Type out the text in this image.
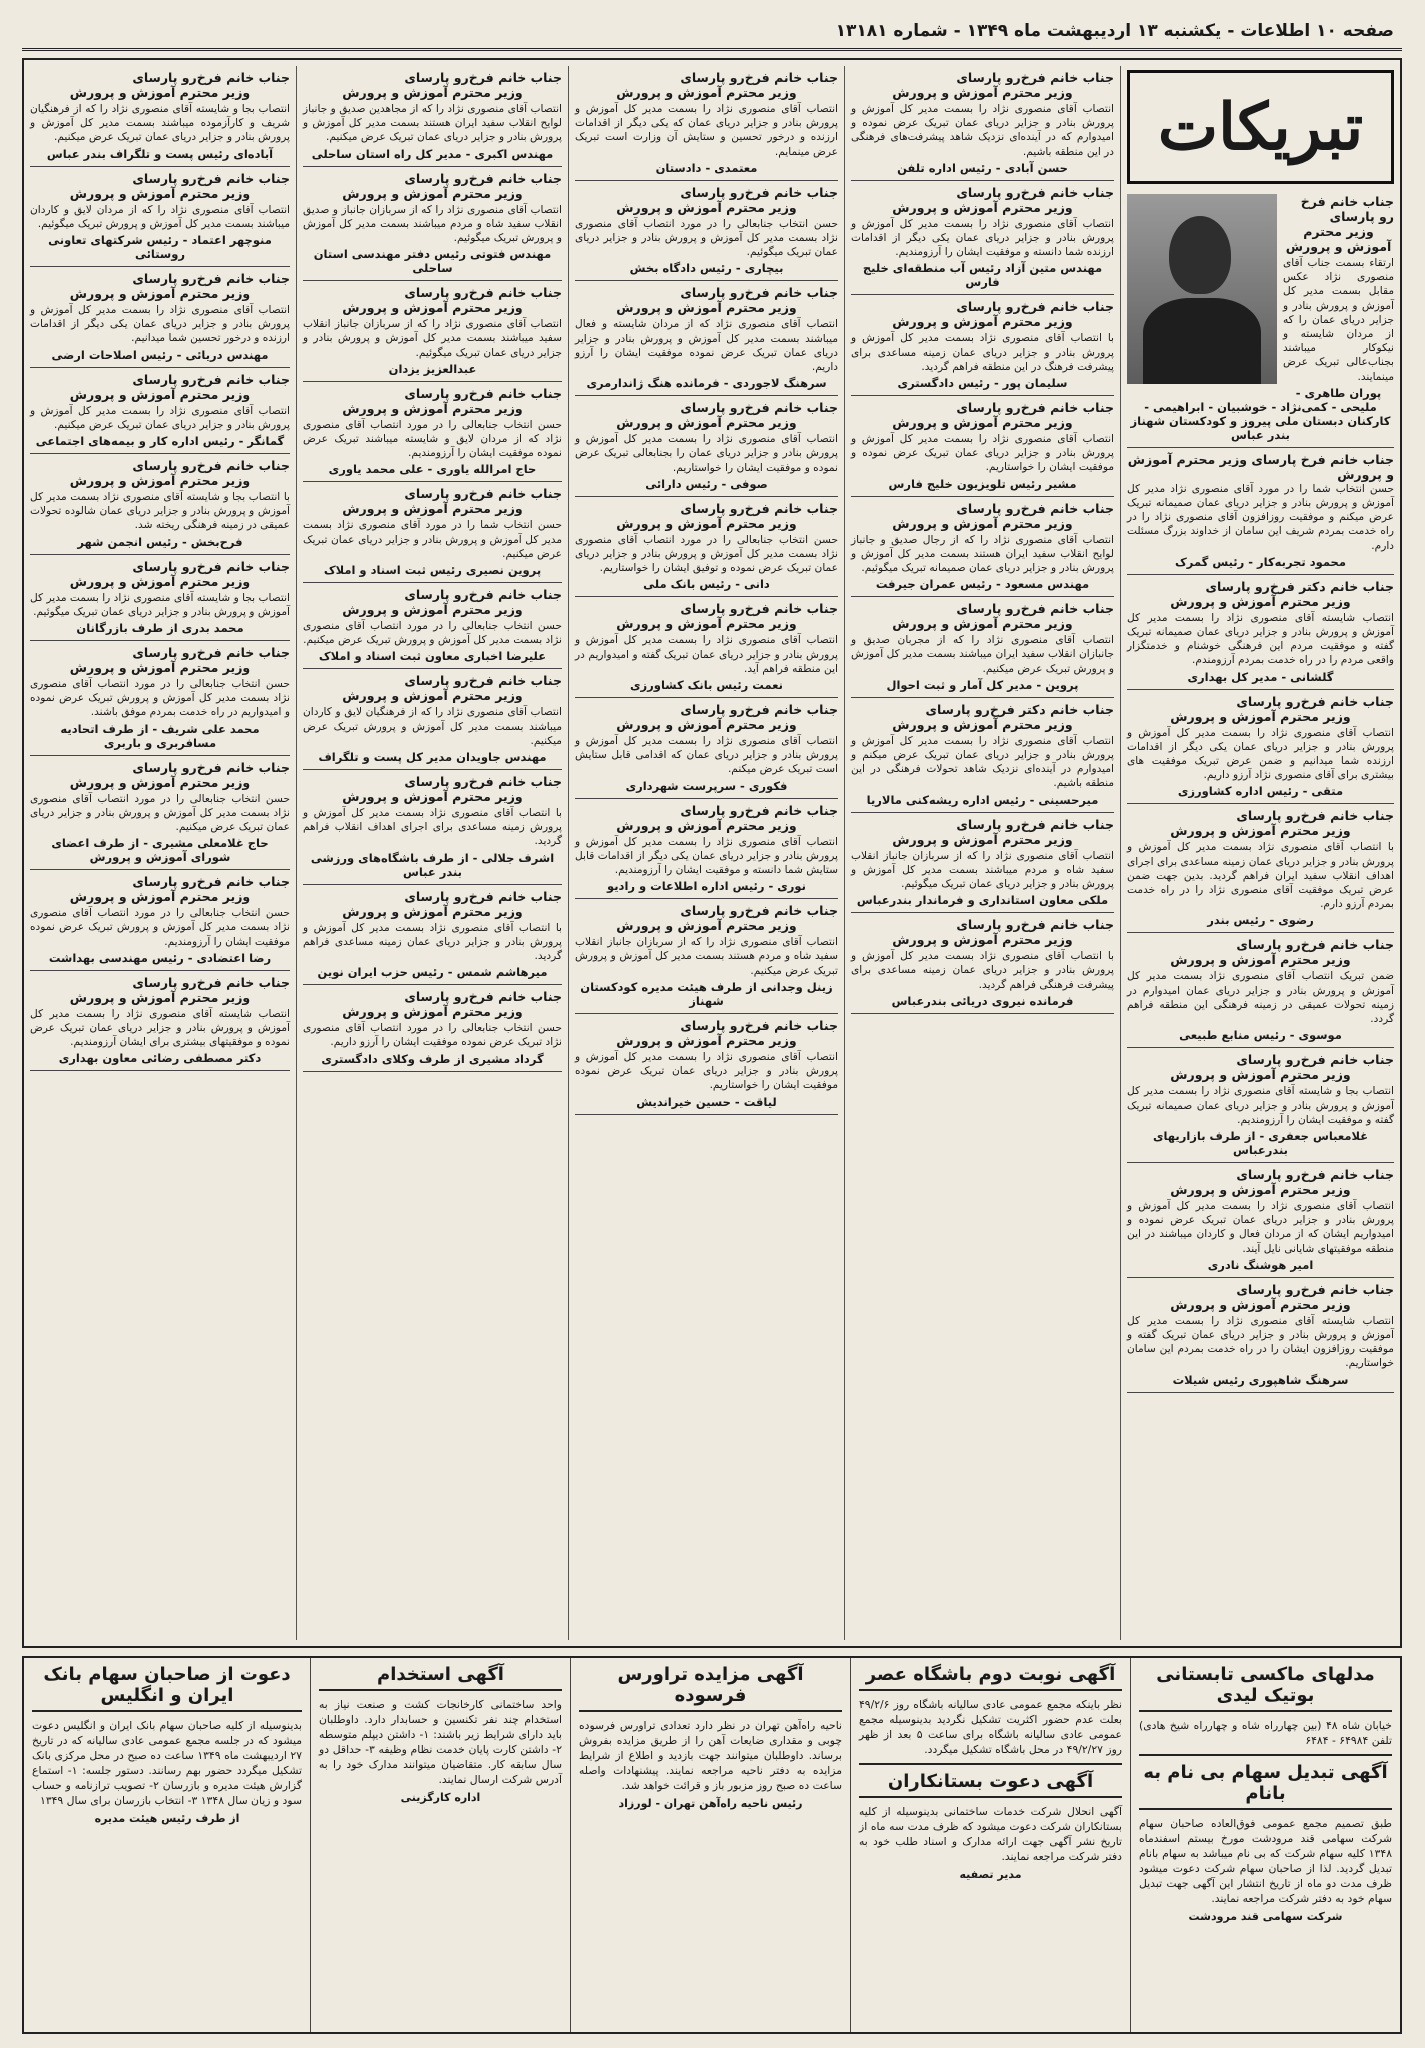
صفحه ۱۰ اطلاعات - یکشنبه ۱۳ اردیبهشت ماه ۱۳۴۹ - شماره ۱۳۱۸۱
تبریکات
جناب خانم فرخ رو پارسای
وزیر محترم آموزش و پرورش

ارتقاء بسمت جناب آقای منصوری نژاد عکس مقابل بسمت مدیر کل آموزش و پرورش بنادر و جزایر دریای عمان را که از مردان شایسته و نیکوکار میباشند بجناب‌عالی تبریک عرض مینمایند.

پوران طاهری - ملیحی - کمی‌نژاد - خوشبیان - ابراهیمی - کارکنان دبستان ملی پیروز و کودکستان شهناز بندر عباس
جناب خانم فرخ پارسای وزیر محترم آموزش و پرورش

حسن انتخاب شما را در مورد آقای منصوری نژاد مدیر کل آموزش و پرورش بنادر و جزایر دریای عمان صمیمانه تبریک عرض میکنم و موفقیت روزافزون آقای منصوری نژاد را در راه خدمت بمردم شریف این سامان از خداوند بزرگ مسئلت دارم.

محمود تجربه‌کار - رئیس گمرک
جناب خانم دکتر فرخ‌رو پارسای
وزیر محترم آموزش و پرورش

انتصاب شایسته آقای منصوری نژاد را بسمت مدیر کل آموزش و پرورش بنادر و جزایر دریای عمان صمیمانه تبریک گفته و موفقیت مردم این فرهنگی خوشنام و خدمتگزار واقعی مردم را در راه خدمت بمردم آرزومندم.

گلشانی - مدیر کل بهداری
جناب خانم فرخ‌رو پارسای
وزیر محترم آموزش و پرورش

انتصاب آقای منصوری نژاد را بسمت مدیر کل آموزش و پرورش بنادر و جزایر دریای عمان یکی دیگر از اقدامات ارزنده شما میدانیم و ضمن عرض تبریک موفقیت های بیشتری برای آقای منصوری نژاد آرزو داریم.

متقی - رئیس اداره کشاورزی
جناب خانم فرخ‌رو پارسای
وزیر محترم آموزش و پرورش

با انتصاب آقای منصوری نژاد بسمت مدیر کل آموزش و پرورش بنادر و جزایر دریای عمان زمینه مساعدی برای اجرای اهداف انقلاب سفید ایران فراهم گردید. بدین جهت ضمن عرض تبریک موفقیت آقای منصوری نژاد را در راه خدمت بمردم آرزو دارم.

رضوی - رئیس بندر
جناب خانم فرخ‌رو پارسای
وزیر محترم آموزش و پرورش

ضمن تبریک انتصاب آقای منصوری نژاد بسمت مدیر کل آموزش و پرورش بنادر و جزایر دریای عمان امیدوارم در زمینه تحولات عمیقی در زمینه فرهنگی این منطقه فراهم گردد.

موسوی - رئیس منابع طبیعی
جناب خانم فرخ‌رو پارسای
وزیر محترم آموزش و پرورش

انتصاب بجا و شایسته آقای منصوری نژاد را بسمت مدیر کل آموزش و پرورش بنادر و جزایر دریای عمان صمیمانه تبریک گفته و موفقیت ایشان را آرزومندیم.

غلامعباس جعفری - از طرف بازاریهای بندرعباس
جناب خانم فرخ‌رو پارسای
وزیر محترم آموزش و پرورش

انتصاب آقای منصوری نژاد را بسمت مدیر کل آموزش و پرورش بنادر و جزایر دریای عمان تبریک عرض نموده و امیدواریم ایشان که از مردان فعال و کاردان میباشند در این منطقه موفقیتهای شایانی نایل آیند.

امیر هوشنگ نادری
جناب خانم فرخ‌رو پارسای
وزیر محترم آموزش و پرورش

انتصاب شایسته آقای منصوری نژاد را بسمت مدیر کل آموزش و پرورش بنادر و جزایر دریای عمان تبریک گفته و موفقیت روزافزون ایشان را در راه خدمت بمردم این سامان خواستاریم.

سرهنگ شاهپوری رئیس شیلات
جناب خانم فرخ‌رو پارسای
وزیر محترم آموزش و پرورش

انتصاب آقای منصوری نژاد را بسمت مدیر کل آموزش و پرورش بنادر و جزایر دریای عمان تبریک عرض نموده و امیدوارم که در آینده‌ای نزدیک شاهد پیشرفت‌های فرهنگی در این منطقه باشیم.

حسن آبادی - رئیس اداره تلفن
جناب خانم فرخ‌رو پارسای
وزیر محترم آموزش و پرورش

انتصاب آقای منصوری نژاد را بسمت مدیر کل آموزش و پرورش بنادر و جزایر دریای عمان یکی دیگر از اقدامات ارزنده شما دانسته و موفقیت ایشان را آرزومندیم.

مهندس متین آزاد رئیس آب منطقه‌ای خلیج فارس
جناب خانم فرخ‌رو پارسای
وزیر محترم آموزش و پرورش

با انتصاب آقای منصوری نژاد بسمت مدیر کل آموزش و پرورش بنادر و جزایر دریای عمان زمینه مساعدی برای پیشرفت فرهنگ در این منطقه فراهم گردید.

سلیمان پور - رئیس دادگستری
جناب خانم فرخ‌رو پارسای
وزیر محترم آموزش و پرورش

انتصاب آقای منصوری نژاد را بسمت مدیر کل آموزش و پرورش بنادر و جزایر دریای عمان تبریک عرض نموده و موفقیت ایشان را خواستاریم.

مشیر رئیس تلویزیون خلیج فارس
جناب خانم فرخ‌رو پارسای
وزیر محترم آموزش و پرورش

انتصاب آقای منصوری نژاد را که از رجال صدیق و جانباز لوایح انقلاب سفید ایران هستند بسمت مدیر کل آموزش و پرورش بنادر و جزایر دریای عمان صمیمانه تبریک میگوئیم.

مهندس مسعود - رئیس عمران جیرفت
جناب خانم فرخ‌رو پارسای
وزیر محترم آموزش و پرورش

انتصاب آقای منصوری نژاد را که از مجربان صدیق و جانبازان انقلاب سفید ایران میباشند بسمت مدیر کل آموزش و پرورش تبریک عرض میکنیم.

پروین - مدیر کل آمار و ثبت احوال
جناب خانم دکتر فرخ‌رو پارسای
وزیر محترم آموزش و پرورش

انتصاب آقای منصوری نژاد را بسمت مدیر کل آموزش و پرورش بنادر و جزایر دریای عمان تبریک عرض میکنم و امیدوارم در آینده‌ای نزدیک شاهد تحولات فرهنگی در این منطقه باشیم.

میرحسینی - رئیس اداره ریشه‌کنی مالاریا
جناب خانم فرخ‌رو پارسای
وزیر محترم آموزش و پرورش

انتصاب آقای منصوری نژاد را که از سربازان جانباز انقلاب سفید شاه و مردم میباشند بسمت مدیر کل آموزش و پرورش بنادر و جزایر دریای عمان تبریک میگوئیم.

ملکی معاون استانداری و فرماندار بندرعباس
جناب خانم فرخ‌رو پارسای
وزیر محترم آموزش و پرورش

با انتصاب آقای منصوری نژاد بسمت مدیر کل آموزش و پرورش بنادر و جزایر دریای عمان زمینه مساعدی برای پیشرفت فرهنگی فراهم گردید.

فرمانده نیروی دریائی بندرعباس
جناب خانم فرخ‌رو پارسای
وزیر محترم آموزش و پرورش

انتصاب آقای منصوری نژاد را بسمت مدیر کل آموزش و پرورش بنادر و جزایر دریای عمان که یکی دیگر از اقدامات ارزنده و درخور تحسین و ستایش آن وزارت است تبریک عرض مینمایم.

معتمدی - دادستان
جناب خانم فرخ‌رو پارسای
وزیر محترم آموزش و پرورش

حسن انتخاب جنابعالی را در مورد انتصاب آقای منصوری نژاد بسمت مدیر کل آموزش و پرورش بنادر و جزایر دریای عمان تبریک میگوئیم.

بیچاری - رئیس دادگاه بخش
جناب خانم فرخ‌رو پارسای
وزیر محترم آموزش و پرورش

انتصاب آقای منصوری نژاد که از مردان شایسته و فعال میباشند بسمت مدیر کل آموزش و پرورش بنادر و جزایر دریای عمان تبریک عرض نموده موفقیت ایشان را آرزو داریم.

سرهنگ لاجوردی - فرمانده هنگ ژاندارمری
جناب خانم فرخ‌رو پارسای
وزیر محترم آموزش و پرورش

انتصاب آقای منصوری نژاد را بسمت مدیر کل آموزش و پرورش بنادر و جزایر دریای عمان را بجنابعالی تبریک عرض نموده و موفقیت ایشان را خواستاریم.

صوفی - رئیس دارائی
جناب خانم فرخ‌رو پارسای
وزیر محترم آموزش و پرورش

حسن انتخاب جنابعالی را در مورد انتصاب آقای منصوری نژاد بسمت مدیر کل آموزش و پرورش بنادر و جزایر دریای عمان تبریک عرض نموده و توفیق ایشان را خواستاریم.

دانی - رئیس بانک ملی
جناب خانم فرخ‌رو پارسای
وزیر محترم آموزش و پرورش

انتصاب آقای منصوری نژاد را بسمت مدیر کل آموزش و پرورش بنادر و جزایر دریای عمان تبریک گفته و امیدواریم در این منطقه فراهم آید.

نعمت رئیس بانک کشاورزی
جناب خانم فرخ‌رو پارسای
وزیر محترم آموزش و پرورش

انتصاب آقای منصوری نژاد را بسمت مدیر کل آموزش و پرورش بنادر و جزایر دریای عمان که اقدامی قابل ستایش است تبریک عرض میکنم.

فکوری - سرپرست شهرداری
جناب خانم فرخ‌رو پارسای
وزیر محترم آموزش و پرورش

انتصاب آقای منصوری نژاد را بسمت مدیر کل آموزش و پرورش بنادر و جزایر دریای عمان یکی دیگر از اقدامات قابل ستایش شما دانسته و موفقیت ایشان را آرزومندیم.

نوری - رئیس اداره اطلاعات و رادیو
جناب خانم فرخ‌رو پارسای
وزیر محترم آموزش و پرورش

انتصاب آقای منصوری نژاد را که از سربازان جانباز انقلاب سفید شاه و مردم هستند بسمت مدیر کل آموزش و پرورش تبریک عرض میکنیم.

زینل وجدانی از طرف هیئت مدیره کودکستان شهناز
جناب خانم فرخ‌رو پارسای
وزیر محترم آموزش و پرورش

انتصاب آقای منصوری نژاد را بسمت مدیر کل آموزش و پرورش بنادر و جزایر دریای عمان تبریک عرض نموده موفقیت ایشان را خواستاریم.

لیاقت - حسین خیراندیش
جناب خانم فرخ‌رو پارسای
وزیر محترم آموزش و پرورش

انتصاب آقای منصوری نژاد را که از مجاهدین صدیق و جانباز لوایح انقلاب سفید ایران هستند بسمت مدیر کل آموزش و پرورش بنادر و جزایر دریای عمان تبریک عرض میکنیم.

مهندس اکبری - مدیر کل راه استان ساحلی
جناب خانم فرخ‌رو پارسای
وزیر محترم آموزش و پرورش

انتصاب آقای منصوری نژاد را که از سربازان جانباز و صدیق انقلاب سفید شاه و مردم میباشند بسمت مدیر کل آموزش و پرورش تبریک میگوئیم.

مهندس فتوتی رئیس دفتر مهندسی استان ساحلی
جناب خانم فرخ‌رو پارسای
وزیر محترم آموزش و پرورش

انتصاب آقای منصوری نژاد را که از سربازان جانباز انقلاب سفید میباشند بسمت مدیر کل آموزش و پرورش بنادر و جزایر دریای عمان تبریک میگوئیم.

عبدالعزیز یزدان
جناب خانم فرخ‌رو پارسای
وزیر محترم آموزش و پرورش

حسن انتخاب جنابعالی را در مورد انتصاب آقای منصوری نژاد که از مردان لایق و شایسته میباشند تبریک عرض نموده موفقیت ایشان را آرزومندیم.

حاج امرالله یاوری - علی محمد یاوری
جناب خانم فرخ‌رو پارسای
وزیر محترم آموزش و پرورش

حسن انتخاب شما را در مورد آقای منصوری نژاد بسمت مدیر کل آموزش و پرورش بنادر و جزایر دریای عمان تبریک عرض میکنیم.

پروین نصیری رئیس ثبت اسناد و املاک
جناب خانم فرخ‌رو پارسای
وزیر محترم آموزش و پرورش

حسن انتخاب جنابعالی را در مورد انتصاب آقای منصوری نژاد بسمت مدیر کل آموزش و پرورش تبریک عرض میکنیم.

علیرضا اخباری معاون ثبت اسناد و املاک
جناب خانم فرخ‌رو پارسای
وزیر محترم آموزش و پرورش

انتصاب آقای منصوری نژاد را که از فرهنگیان لایق و کاردان میباشند بسمت مدیر کل آموزش و پرورش تبریک عرض میکنیم.

مهندس جاویدان مدیر کل پست و تلگراف
جناب خانم فرخ‌رو پارسای
وزیر محترم آموزش و پرورش

با انتصاب آقای منصوری نژاد بسمت مدیر کل آموزش و پرورش زمینه مساعدی برای اجرای اهداف انقلاب فراهم گردید.

اشرف جلالی - از طرف باشگاه‌های ورزشی بندر عباس
جناب خانم فرخ‌رو پارسای
وزیر محترم آموزش و پرورش

با انتصاب آقای منصوری نژاد بسمت مدیر کل آموزش و پرورش بنادر و جزایر دریای عمان زمینه مساعدی فراهم گردید.

میرهاشم شمس - رئیس حزب ایران نوین
جناب خانم فرخ‌رو پارسای
وزیر محترم آموزش و پرورش

حسن انتخاب جنابعالی را در مورد انتصاب آقای منصوری نژاد تبریک عرض نموده موفقیت ایشان را آرزو داریم.

گرداد مشیری از طرف وکلای دادگستری
جناب خانم فرخ‌رو پارسای
وزیر محترم آموزش و پرورش

انتصاب بجا و شایسته آقای منصوری نژاد را که از فرهنگیان شریف و کارآزموده میباشند بسمت مدیر کل آموزش و پرورش بنادر و جزایر دریای عمان تبریک عرض میکنیم.

آباده‌ای رئیس پست و تلگراف بندر عباس
جناب خانم فرخ‌رو پارسای
وزیر محترم آموزش و پرورش

انتصاب آقای منصوری نژاد را که از مردان لایق و کاردان میباشند بسمت مدیر کل آموزش و پرورش تبریک میگوئیم.

منوچهر اعتماد - رئیس شرکتهای تعاونی روستائی
جناب خانم فرخ‌رو پارسای
وزیر محترم آموزش و پرورش

انتصاب آقای منصوری نژاد را بسمت مدیر کل آموزش و پرورش بنادر و جزایر دریای عمان یکی دیگر از اقدامات ارزنده و درخور تحسین شما میدانیم.

مهندس دریائی - رئیس اصلاحات ارضی
جناب خانم فرخ‌رو پارسای
وزیر محترم آموزش و پرورش

انتصاب آقای منصوری نژاد را بسمت مدیر کل آموزش و پرورش بنادر و جزایر دریای عمان تبریک عرض میکنیم.

گمانگر - رئیس اداره کار و بیمه‌های اجتماعی
جناب خانم فرخ‌رو پارسای
وزیر محترم آموزش و پرورش

با انتصاب بجا و شایسته آقای منصوری نژاد بسمت مدیر کل آموزش و پرورش بنادر و جزایر دریای عمان شالوده تحولات عمیقی در زمینه فرهنگی ریخته شد.

فرح‌بخش - رئیس انجمن شهر
جناب خانم فرخ‌رو پارسای
وزیر محترم آموزش و پرورش

انتصاب بجا و شایسته آقای منصوری نژاد را بسمت مدیر کل آموزش و پرورش بنادر و جزایر دریای عمان تبریک میگوئیم.

محمد بدری از طرف بازرگانان
جناب خانم فرخ‌رو پارسای
وزیر محترم آموزش و پرورش

حسن انتخاب جنابعالی را در مورد انتصاب آقای منصوری نژاد بسمت مدیر کل آموزش و پرورش تبریک عرض نموده و امیدواریم در راه خدمت بمردم موفق باشند.

محمد علی شریف - از طرف اتحادیه مسافربری و باربری
جناب خانم فرخ‌رو پارسای
وزیر محترم آموزش و پرورش

حسن انتخاب جنابعالی را در مورد انتصاب آقای منصوری نژاد بسمت مدیر کل آموزش و پرورش بنادر و جزایر دریای عمان تبریک عرض میکنیم.

حاج غلامعلی مشیری - از طرف اعضای شورای آموزش و پرورش
جناب خانم فرخ‌رو پارسای
وزیر محترم آموزش و پرورش

حسن انتخاب جنابعالی را در مورد انتصاب آقای منصوری نژاد بسمت مدیر کل آموزش و پرورش تبریک عرض نموده موفقیت ایشان را آرزومندیم.

رضا اعتضادی - رئیس مهندسی بهداشت
جناب خانم فرخ‌رو پارسای
وزیر محترم آموزش و پرورش

انتصاب شایسته آقای منصوری نژاد را بسمت مدیر کل آموزش و پرورش بنادر و جزایر دریای عمان تبریک عرض نموده و موفقیتهای بیشتری برای ایشان آرزومندیم.

دکتر مصطفی رضائی معاون بهداری
مدلهای ماکسی تابستانی بوتیک لیدی

خیابان شاه ۴۸ (بین چهارراه شاه و چهارراه شیخ هادی) تلفن ۶۴۹۸۴ - ۶۴۸۴

آگهی تبدیل سهام بی نام به بانام

طبق تصمیم مجمع عمومی فوق‌العاده صاحبان سهام شرکت سهامی قند مرودشت مورخ بیستم اسفندماه ۱۳۴۸ کلیه سهام شرکت که بی نام میباشد به سهام بانام تبدیل گردید. لذا از صاحبان سهام شرکت دعوت میشود ظرف مدت دو ماه از تاریخ انتشار این آگهی جهت تبدیل سهام خود به دفتر شرکت مراجعه نمایند.

شرکت سهامی قند مرودشت
آگهی نوبت دوم باشگاه عصر

نظر باینکه مجمع عمومی عادی سالیانه باشگاه روز ۴۹/۲/۶ بعلت عدم حضور اکثریت تشکیل نگردید بدینوسیله مجمع عمومی عادی سالیانه باشگاه برای ساعت ۵ بعد از ظهر روز ۴۹/۲/۲۷ در محل باشگاه تشکیل میگردد.

آگهی دعوت بستانکاران

آگهی انحلال شرکت خدمات ساختمانی بدینوسیله از کلیه بستانکاران شرکت دعوت میشود که ظرف مدت سه ماه از تاریخ نشر آگهی جهت ارائه مدارک و اسناد طلب خود به دفتر شرکت مراجعه نمایند.

مدیر تصفیه
آگهی مزایده تراورس فرسوده

ناحیه راه‌آهن تهران در نظر دارد تعدادی تراورس فرسوده چوبی و مقداری ضایعات آهن را از طریق مزایده بفروش برساند. داوطلبان میتوانند جهت بازدید و اطلاع از شرایط مزایده به دفتر ناحیه مراجعه نمایند. پیشنهادات واصله ساعت ده صبح روز مزبور باز و قرائت خواهد شد.

رئیس ناحیه راه‌آهن تهران - لورزاد
آگهی استخدام

واحد ساختمانی کارخانجات کشت و صنعت نیاز به استخدام چند نفر تکنسین و حسابدار دارد. داوطلبان باید دارای شرایط زیر باشند: ۱- داشتن دیپلم متوسطه ۲- داشتن کارت پایان خدمت نظام وظیفه ۳- حداقل دو سال سابقه کار. متقاضیان میتوانند مدارک خود را به آدرس شرکت ارسال نمایند.

اداره کارگزینی
دعوت از صاحبان سهام بانک ایران و انگلیس

بدینوسیله از کلیه صاحبان سهام بانک ایران و انگلیس دعوت میشود که در جلسه مجمع عمومی عادی سالیانه که در تاریخ ۲۷ اردیبهشت ماه ۱۳۴۹ ساعت ده صبح در محل مرکزی بانک تشکیل میگردد حضور بهم رسانند. دستور جلسه: ۱- استماع گزارش هیئت مدیره و بازرسان ۲- تصویب ترازنامه و حساب سود و زیان سال ۱۳۴۸ ۳- انتخاب بازرسان برای سال ۱۳۴۹

از طرف رئیس هیئت مدیره
